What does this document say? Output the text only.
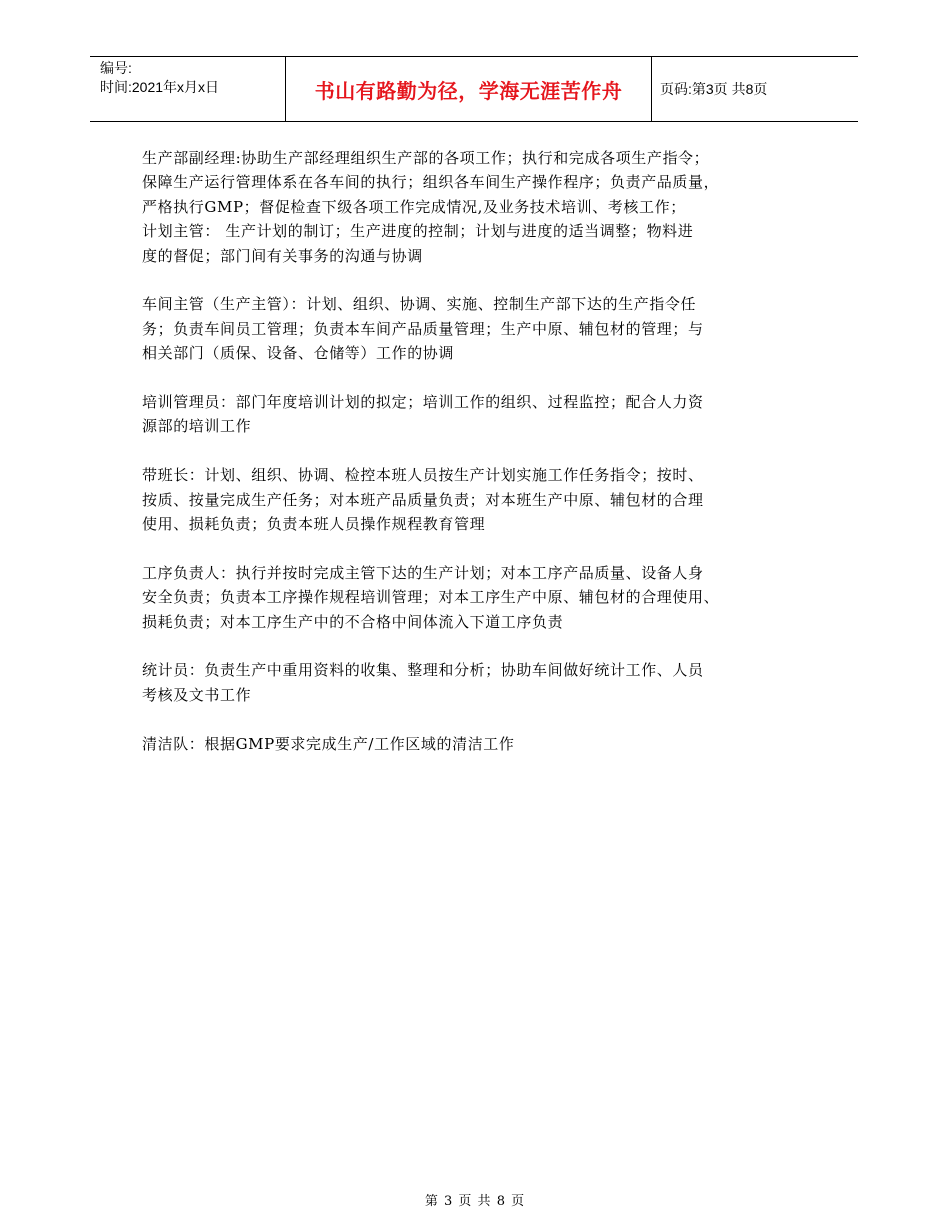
编号:
时间:2021年x月x日	书山有路勤为径，学海无涯苦作舟	页码:第3页 共8页

生产部副经理:协助生产部经理组织生产部的各项工作；执行和完成各项生产指令；
保障生产运行管理体系在各车间的执行；组织各车间生产操作程序；负责产品质量，
严格执行GMP；督促检查下级各项工作完成情况,及业务技术培训、考核工作；

计划主管： 生产计划的制订；生产进度的控制；计划与进度的适当调整；物料进
度的督促；部门间有关事务的沟通与协调

车间主管（生产主管）：计划、组织、协调、实施、控制生产部下达的生产指令任
务；负责车间员工管理；负责本车间产品质量管理；生产中原、辅包材的管理；与
相关部门（质保、设备、仓储等）工作的协调

培训管理员：部门年度培训计划的拟定；培训工作的组织、过程监控；配合人力资
源部的培训工作

带班长：计划、组织、协调、检控本班人员按生产计划实施工作任务指令；按时、
按质、按量完成生产任务；对本班产品质量负责；对本班生产中原、辅包材的合理
使用、损耗负责；负责本班人员操作规程教育管理

工序负责人：执行并按时完成主管下达的生产计划；对本工序产品质量、设备人身
安全负责；负责本工序操作规程培训管理；对本工序生产中原、辅包材的合理使用、
损耗负责；对本工序生产中的不合格中间体流入下道工序负责

统计员：负责生产中重用资料的收集、整理和分析；协助车间做好统计工作、人员
考核及文书工作

清洁队：根据GMP要求完成生产/工作区域的清洁工作

第 3 页 共 8 页
